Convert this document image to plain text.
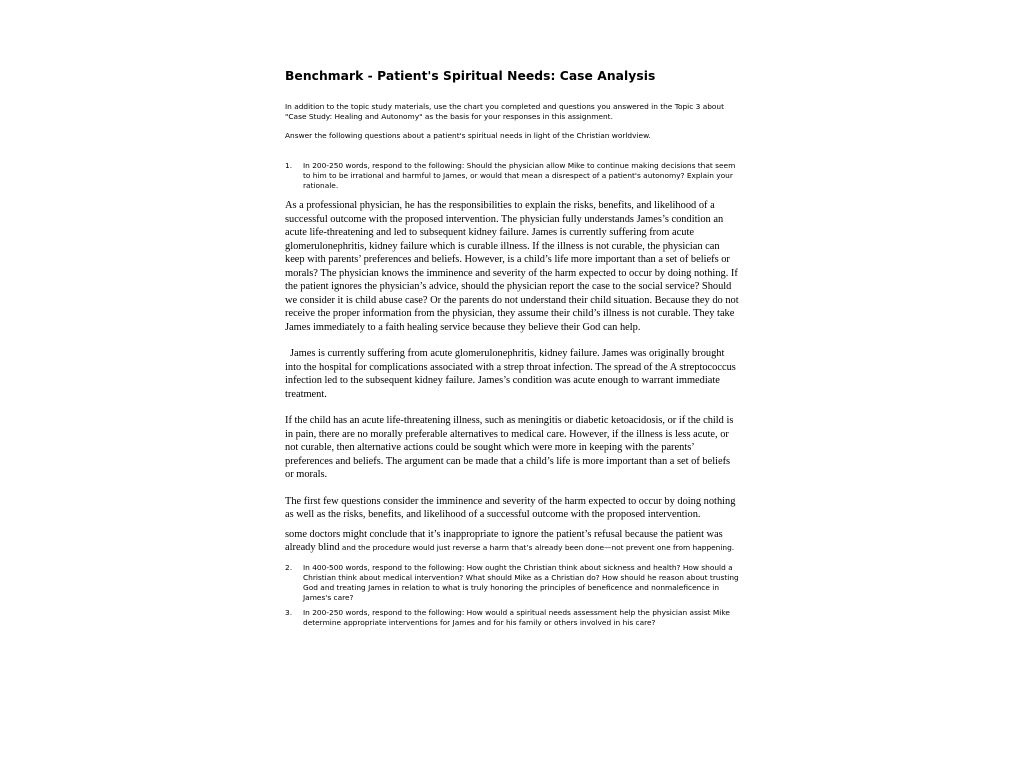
Benchmark - Patient's Spiritual Needs: Case Analysis

In addition to the topic study materials, use the chart you completed and questions you answered in the Topic 3 about "Case Study: Healing and Autonomy" as the basis for your responses in this assignment.

Answer the following questions about a patient's spiritual needs in light of the Christian worldview.

1.	In 200-250 words, respond to the following: Should the physician allow Mike to continue making decisions that seem to him to be irrational and harmful to James, or would that mean a disrespect of a patient's autonomy? Explain your rationale.

As a professional physician, he has the responsibilities to explain the risks, benefits, and likelihood of a successful outcome with the proposed intervention. The physician fully understands James’s condition an acute life-threatening and led to subsequent kidney failure. James is currently suffering from acute glomerulonephritis, kidney failure which is curable illness. If the illness is not curable, the physician can keep with parents’ preferences and beliefs. However, is a child’s life more important than a set of beliefs or morals? The physician knows the imminence and severity of the harm expected to occur by doing nothing. If the patient ignores the physician’s advice, should the physician report the case to the social service? Should we consider it is child abuse case? Or the parents do not understand their child situation. Because they do not receive the proper information from the physician, they assume their child’s illness is not curable. They take James immediately to a faith healing service because they believe their God can help.

James is currently suffering from acute glomerulonephritis, kidney failure. James was originally brought into the hospital for complications associated with a strep throat infection. The spread of the A streptococcus infection led to the subsequent kidney failure. James’s condition was acute enough to warrant immediate treatment.

If the child has an acute life-threatening illness, such as meningitis or diabetic ketoacidosis, or if the child is in pain, there are no morally preferable alternatives to medical care. However, if the illness is less acute, or not curable, then alternative actions could be sought which were more in keeping with the parents’ preferences and beliefs. The argument can be made that a child’s life is more important than a set of beliefs or morals.

The first few questions consider the imminence and severity of the harm expected to occur by doing nothing as well as the risks, benefits, and likelihood of a successful outcome with the proposed intervention.

some doctors might conclude that it’s inappropriate to ignore the patient’s refusal because the patient was already blind and the procedure would just reverse a harm that’s already been done—not prevent one from happening.

2.	In 400-500 words, respond to the following: How ought the Christian think about sickness and health? How should a Christian think about medical intervention? What should Mike as a Christian do? How should he reason about trusting God and treating James in relation to what is truly honoring the principles of beneficence and nonmaleficence in James's care?
3.	In 200-250 words, respond to the following: How would a spiritual needs assessment help the physician assist Mike determine appropriate interventions for James and for his family or others involved in his care?
